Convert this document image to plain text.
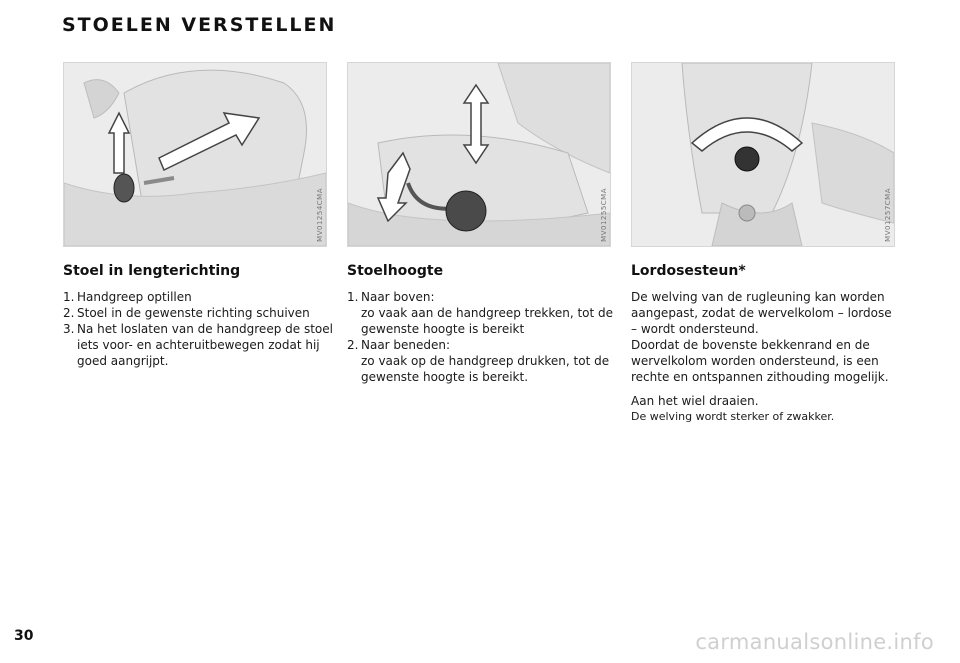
STOELEN VERSTELLEN
MV01254CMA	MV01255CMA	MV01257CMA
Stoel in lengterichting
1. Handgreep optillen
2. Stoel in de gewenste richting schuiven
3. Na het loslaten van de handgreep de stoel iets voor- en achteruitbewegen zodat hij goed aangrijpt.
Stoelhoogte
1. Naar boven:
zo vaak aan de handgreep trekken, tot de gewenste hoogte is bereikt
2. Naar beneden:
zo vaak op de handgreep drukken, tot de gewenste hoogte is bereikt.
Lordosesteun*

De welving van de rugleuning kan worden aangepast, zodat de wervelkolom – lordose – wordt ondersteund.

Doordat de bovenste bekkenrand en de wervelkolom worden ondersteund, is een rechte en ontspannen zithouding mogelijk.

Aan het wiel draaien.

De welving wordt sterker of zwakker.

30	carmanualsonline.info
